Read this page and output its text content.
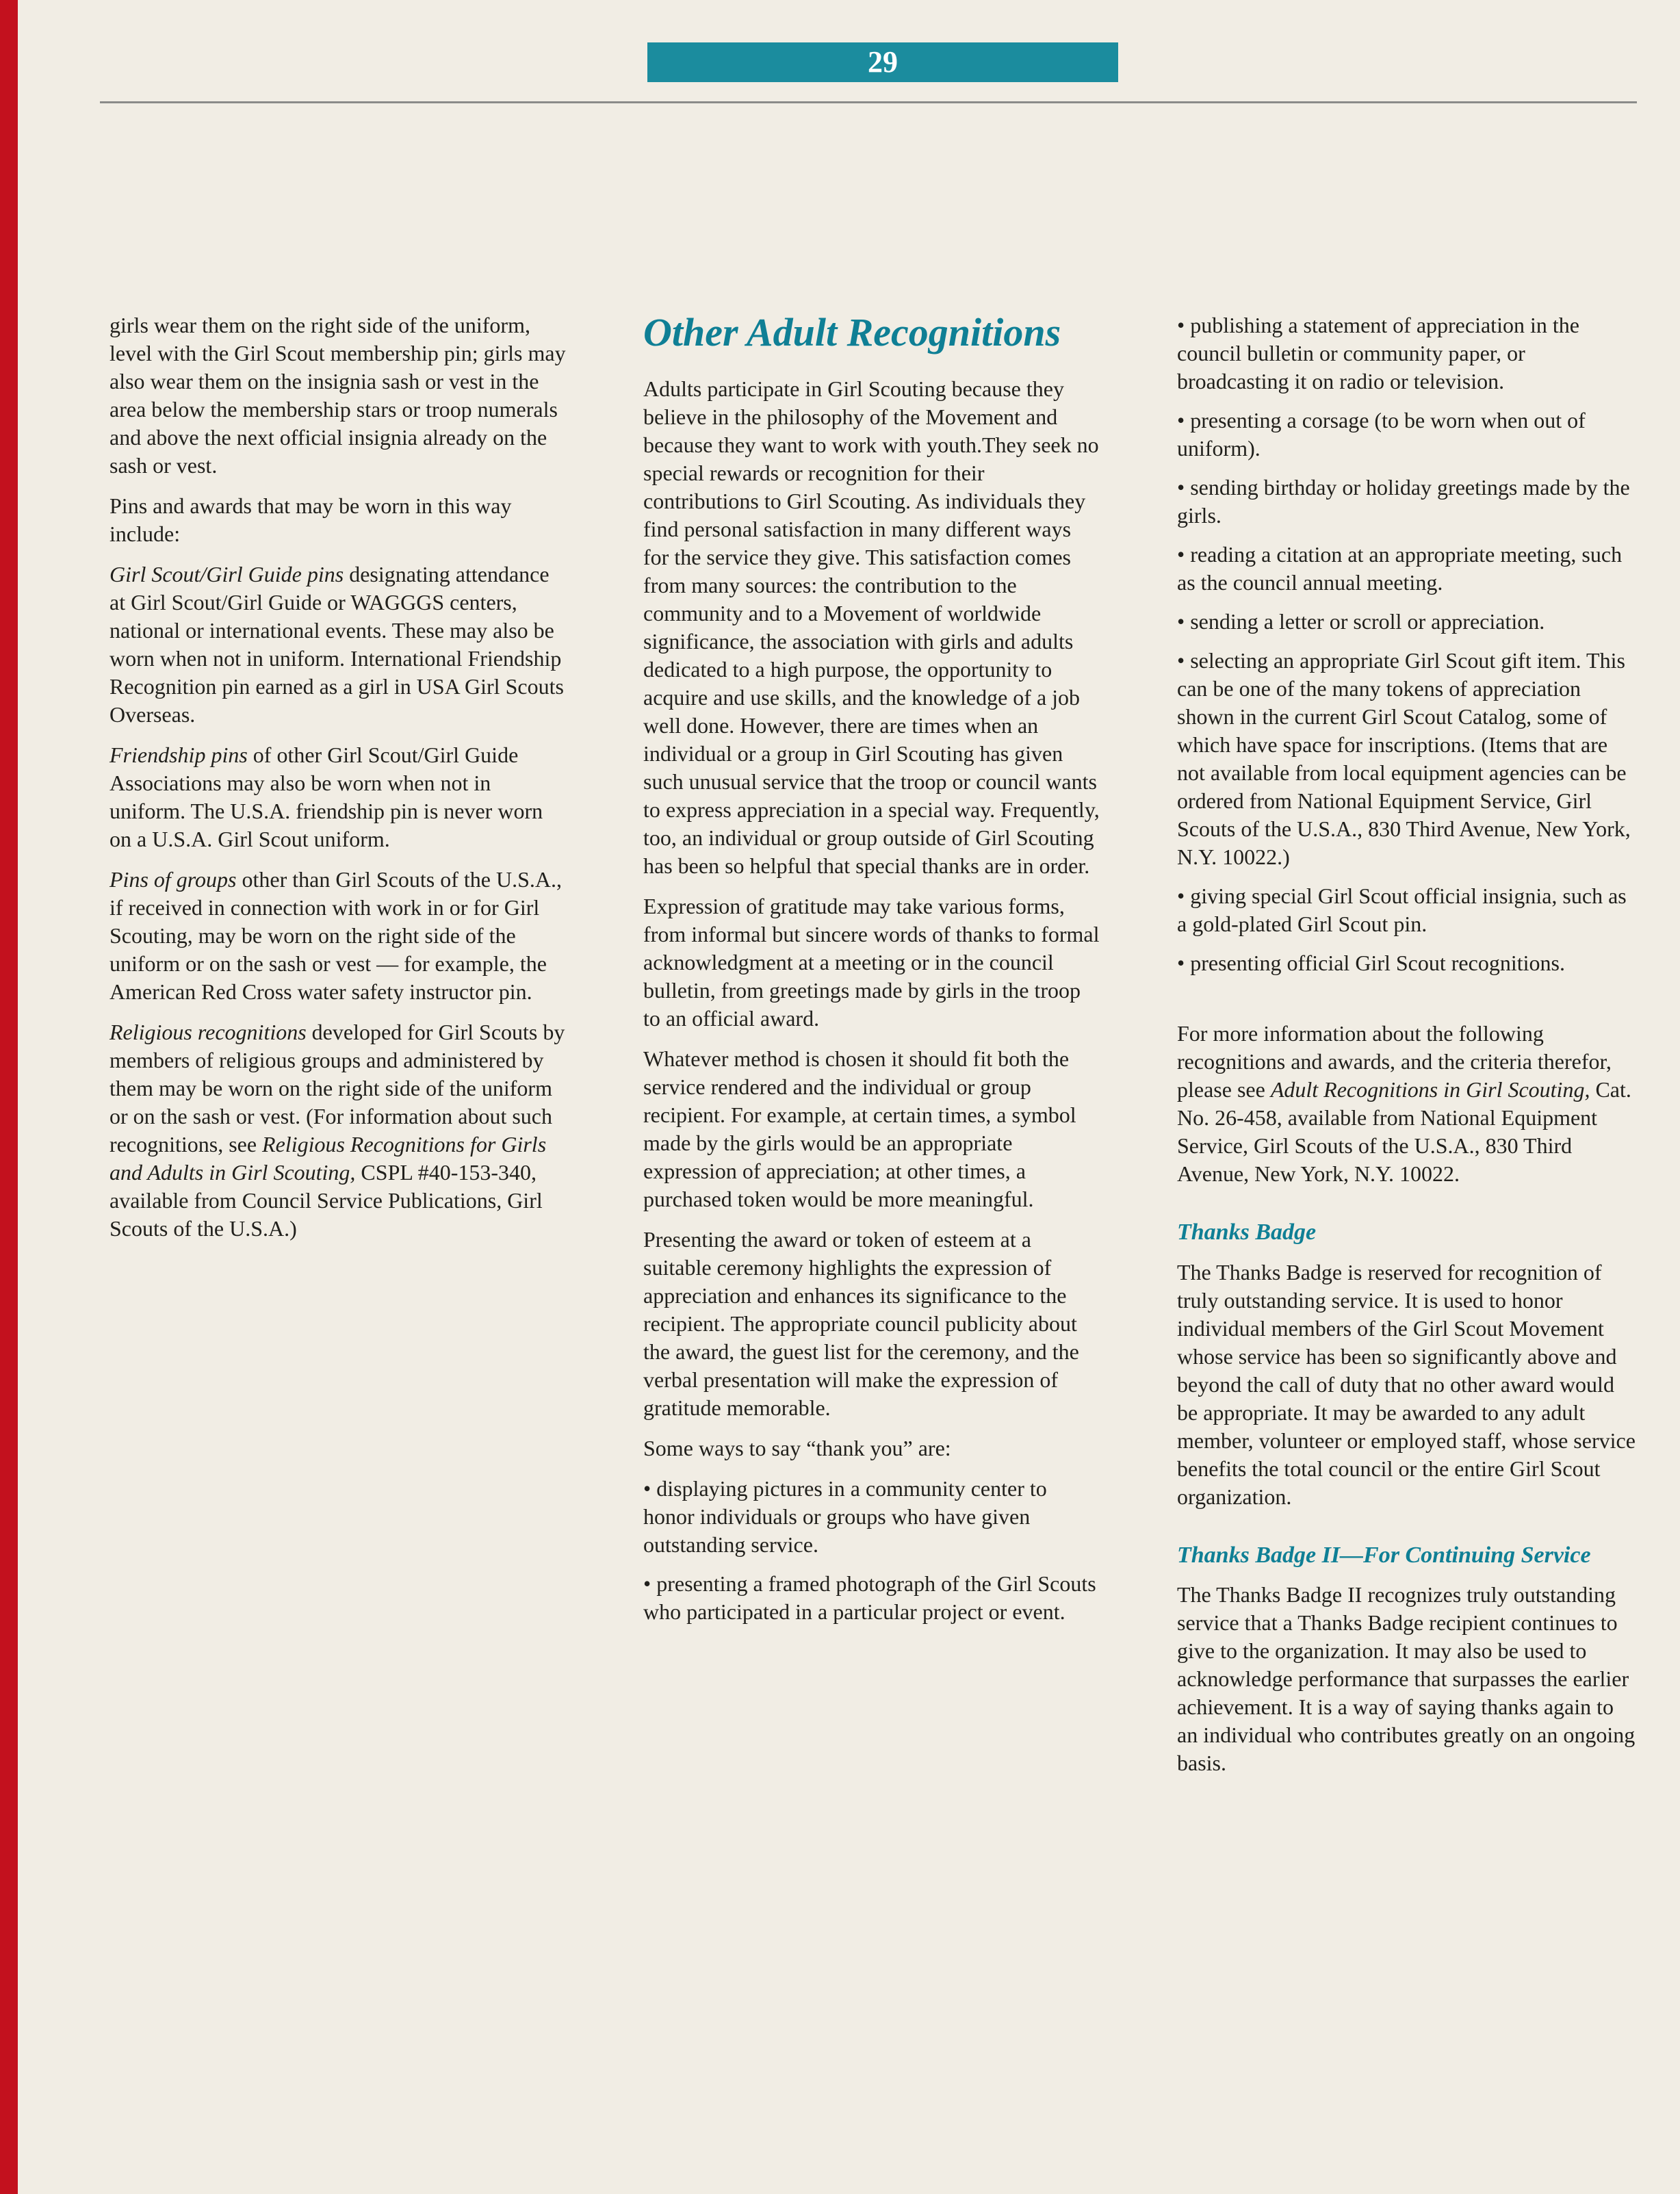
29

girls wear them on the right side of the uniform, level with the Girl Scout membership pin; girls may also wear them on the insignia sash or vest in the area below the membership stars or troop numerals and above the next official insignia already on the sash or vest.

Pins and awards that may be worn in this way include:

Girl Scout/Girl Guide pins designating attendance at Girl Scout/Girl Guide or WAGGGS centers, national or international events. These may also be worn when not in uniform. International Friendship Recognition pin earned as a girl in USA Girl Scouts Overseas.

Friendship pins of other Girl Scout/Girl Guide Associations may also be worn when not in uniform. The U.S.A. friendship pin is never worn on a U.S.A. Girl Scout uniform.

Pins of groups other than Girl Scouts of the U.S.A., if received in connection with work in or for Girl Scouting, may be worn on the right side of the uniform or on the sash or vest — for example, the American Red Cross water safety instructor pin.

Religious recognitions developed for Girl Scouts by members of religious groups and administered by them may be worn on the right side of the uniform or on the sash or vest. (For information about such recognitions, see Religious Recognitions for Girls and Adults in Girl Scouting, CSPL #40-153-340, available from Council Service Publications, Girl Scouts of the U.S.A.)

Other Adult Recognitions

Adults participate in Girl Scouting because they believe in the philosophy of the Movement and because they want to work with youth.They seek no special rewards or recognition for their contributions to Girl Scouting. As individuals they find personal satisfaction in many different ways for the service they give. This satisfaction comes from many sources: the contribution to the community and to a Movement of worldwide significance, the association with girls and adults dedicated to a high purpose, the opportunity to acquire and use skills, and the knowledge of a job well done. However, there are times when an individual or a group in Girl Scouting has given such unusual service that the troop or council wants to express appreciation in a special way. Frequently, too, an individual or group outside of Girl Scouting has been so helpful that special thanks are in order.

Expression of gratitude may take various forms, from informal but sincere words of thanks to formal acknowledgment at a meeting or in the council bulletin, from greetings made by girls in the troop to an official award.

Whatever method is chosen it should fit both the service rendered and the individual or group recipient. For example, at certain times, a symbol made by the girls would be an appropriate expression of appreciation; at other times, a purchased token would be more meaningful.

Presenting the award or token of esteem at a suitable ceremony highlights the expression of appreciation and enhances its significance to the recipient. The appropriate council publicity about the award, the guest list for the ceremony, and the verbal presentation will make the expression of gratitude memorable.

Some ways to say “thank you” are:

• displaying pictures in a community center to honor individuals or groups who have given outstanding service.

• presenting a framed photograph of the Girl Scouts who participated in a particular project or event.

• publishing a statement of appreciation in the council bulletin or community paper, or broadcasting it on radio or television.

• presenting a corsage (to be worn when out of uniform).

• sending birthday or holiday greetings made by the girls.

• reading a citation at an appropriate meeting, such as the council annual meeting.

• sending a letter or scroll or appreciation.

• selecting an appropriate Girl Scout gift item. This can be one of the many tokens of appreciation shown in the current Girl Scout Catalog, some of which have space for inscriptions. (Items that are not available from local equipment agencies can be ordered from National Equipment Service, Girl Scouts of the U.S.A., 830 Third Avenue, New York, N.Y. 10022.)

• giving special Girl Scout official insignia, such as a gold-plated Girl Scout pin.

• presenting official Girl Scout recognitions.

For more information about the following recognitions and awards, and the criteria therefor, please see Adult Recognitions in Girl Scouting, Cat. No. 26-458, available from National Equipment Service, Girl Scouts of the U.S.A., 830 Third Avenue, New York, N.Y. 10022.

Thanks Badge

The Thanks Badge is reserved for recognition of truly outstanding service. It is used to honor individual members of the Girl Scout Movement whose service has been so significantly above and beyond the call of duty that no other award would be appropriate. It may be awarded to any adult member, volunteer or employed staff, whose service benefits the total council or the entire Girl Scout organization.

Thanks Badge II—For Continuing Service

The Thanks Badge II recognizes truly outstanding service that a Thanks Badge recipient continues to give to the organization. It may also be used to acknowledge performance that surpasses the earlier achievement. It is a way of saying thanks again to an individual who contributes greatly on an ongoing basis.
